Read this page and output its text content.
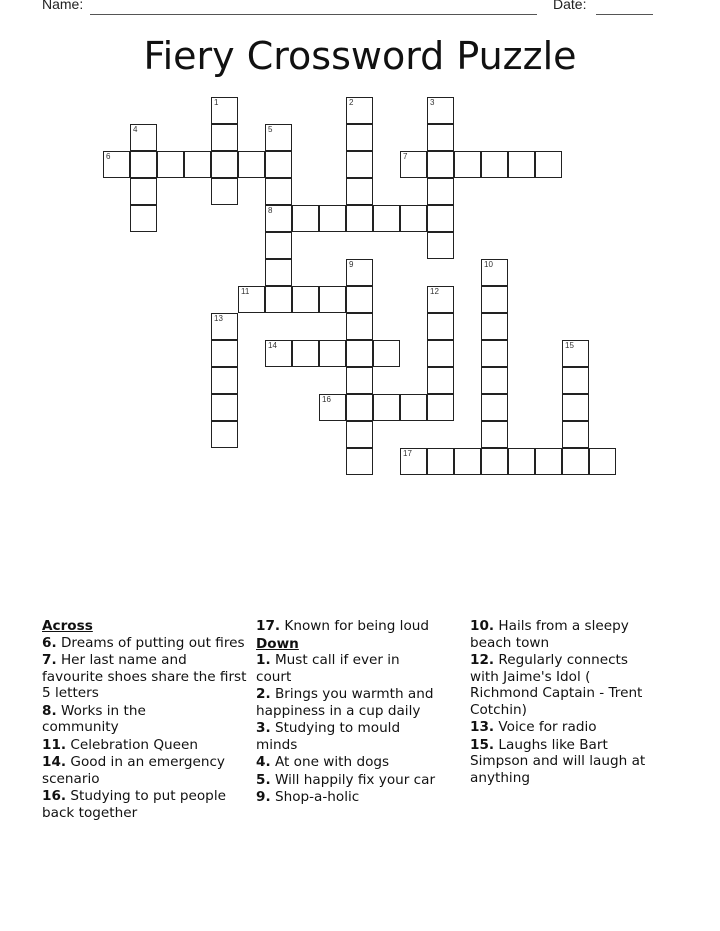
Name:	Date:
Fiery Crossword Puzzle
1	2	3
4	5
8
6	7
9	10
11	12
13
14	15
16
17
Across
6. Dreams of putting out fires
7. Her last name and favourite shoes share the first 5 letters
8. Works in the community
11. Celebration Queen
14. Good in an emergency scenario
16. Studying to put people back together
17. Known for being loud
Down
1. Must call if ever in court
2. Brings you warmth and happiness in a cup daily
3. Studying to mould minds
4. At one with dogs
5. Will happily fix your car
9. Shop-a-holic
10. Hails from a sleepy beach town
12. Regularly connects with Jaime's Idol ( Richmond Captain - Trent Cotchin)
13. Voice for radio
15. Laughs like Bart Simpson and will laugh at anything
